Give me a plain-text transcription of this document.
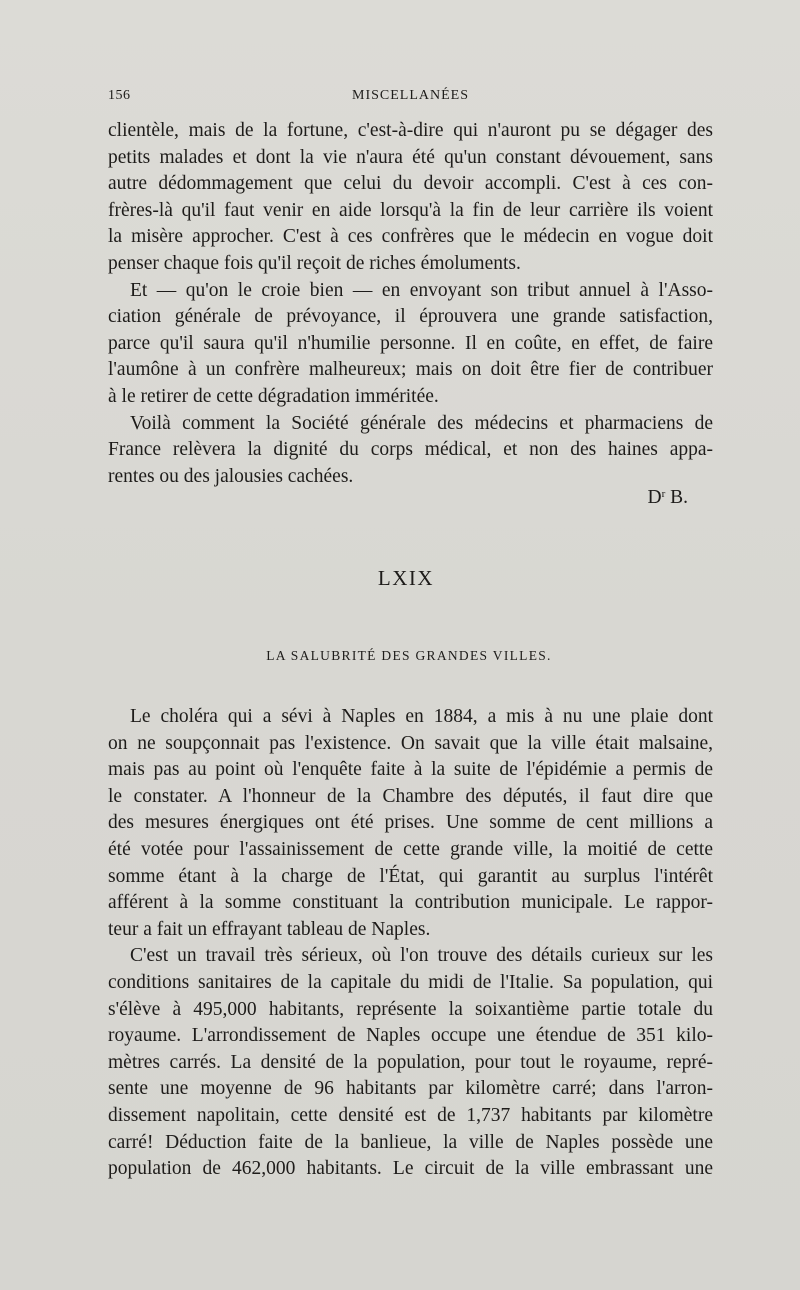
156	MISCELLANÉES
clientèle, mais de la fortune, c'est-à-dire qui n'auront pu se dégager des
petits malades et dont la vie n'aura été qu'un constant dévouement, sans
autre dédommagement que celui du devoir accompli. C'est à ces con-
frères-là qu'il faut venir en aide lorsqu'à la fin de leur carrière ils voient
la misère approcher. C'est à ces confrères que le médecin en vogue doit
penser chaque fois qu'il reçoit de riches émoluments.
Et — qu'on le croie bien — en envoyant son tribut annuel à l'Asso-
ciation générale de prévoyance, il éprouvera une grande satisfaction,
parce qu'il saura qu'il n'humilie personne. Il en coûte, en effet, de faire
l'aumône à un confrère malheureux; mais on doit être fier de contribuer
à le retirer de cette dégradation imméritée.
Voilà comment la Société générale des médecins et pharmaciens de
France relèvera la dignité du corps médical, et non des haines appa-
rentes ou des jalousies cachées.
$D^r$ B.
LXIX
LA SALUBRITÉ DES GRANDES VILLES.
Le choléra qui a sévi à Naples en 1884, a mis à nu une plaie dont
on ne soupçonnait pas l'existence. On savait que la ville était malsaine,
mais pas au point où l'enquête faite à la suite de l'épidémie a permis de
le constater. A l'honneur de la Chambre des députés, il faut dire que
des mesures énergiques ont été prises. Une somme de cent millions a
été votée pour l'assainissement de cette grande ville, la moitié de cette
somme étant à la charge de l'État, qui garantit au surplus l'intérêt
afférent à la somme constituant la contribution municipale. Le rappor-
teur a fait un effrayant tableau de Naples.
C'est un travail très sérieux, où l'on trouve des détails curieux sur les
conditions sanitaires de la capitale du midi de l'Italie. Sa population, qui
s'élève à 495,000 habitants, représente la soixantième partie totale du
royaume. L'arrondissement de Naples occupe une étendue de 351 kilo-
mètres carrés. La densité de la population, pour tout le royaume, repré-
sente une moyenne de 96 habitants par kilomètre carré; dans l'arron-
dissement napolitain, cette densité est de 1,737 habitants par kilomètre
carré! Déduction faite de la banlieue, la ville de Naples possède une
population de 462,000 habitants. Le circuit de la ville embrassant une
